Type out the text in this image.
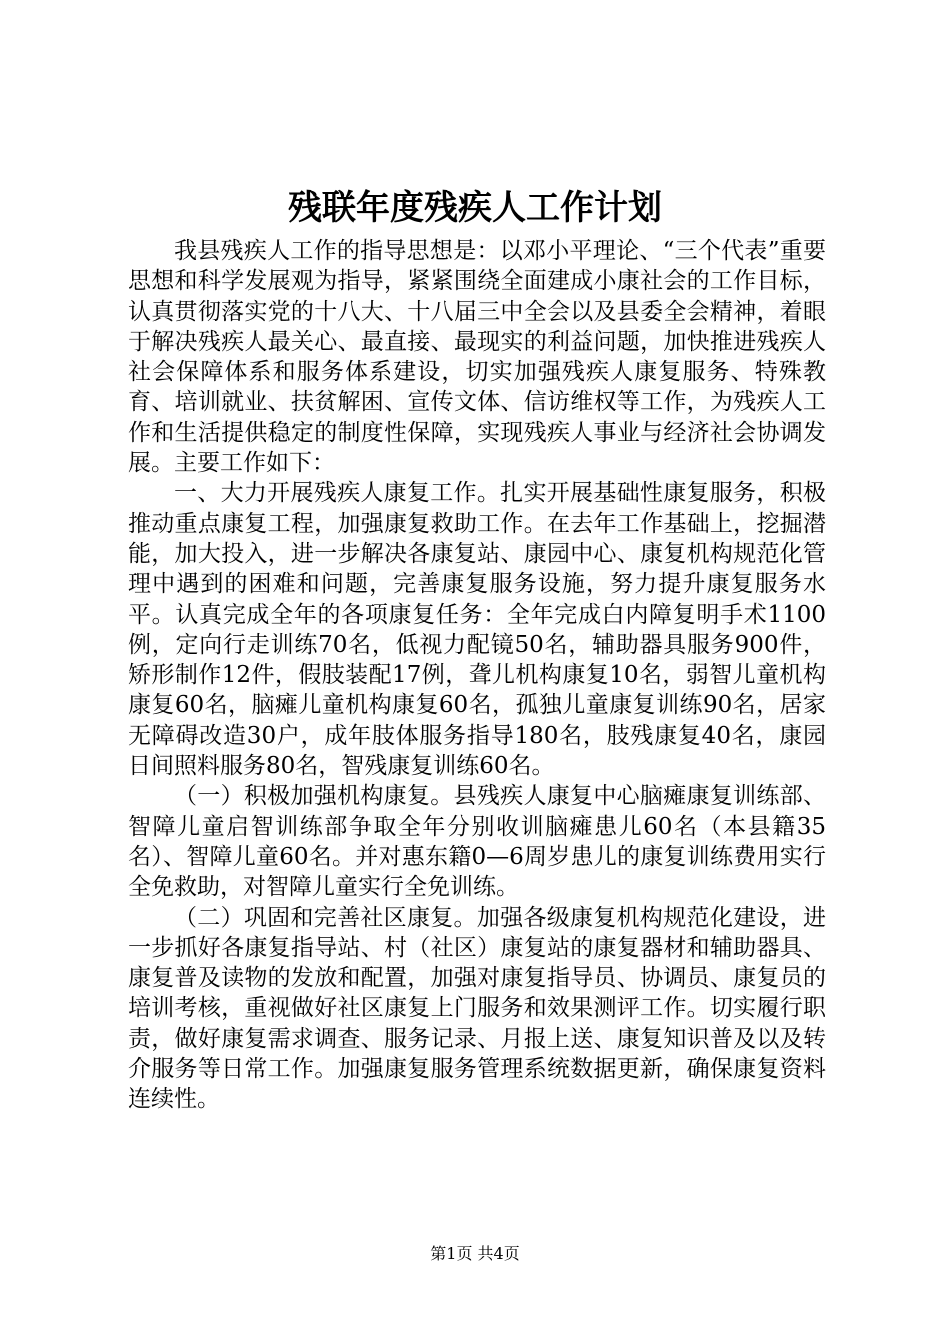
残联年度残疾人工作计划

我县残疾人工作的指导思想是：以邓小平理论、“三个代表”重要思想和科学发展观为指导，紧紧围绕全面建成小康社会的工作目标，认真贯彻落实党的十八大、十八届三中全会以及县委全会精神，着眼于解决残疾人最关心、最直接、最现实的利益问题，加快推进残疾人社会保障体系和服务体系建设，切实加强残疾人康复服务、特殊教育、培训就业、扶贫解困、宣传文体、信访维权等工作，为残疾人工作和生活提供稳定的制度性保障，实现残疾人事业与经济社会协调发展。主要工作如下：

一、大力开展残疾人康复工作。扎实开展基础性康复服务，积极推动重点康复工程，加强康复救助工作。在去年工作基础上，挖掘潜能，加大投入，进一步解决各康复站、康园中心、康复机构规范化管理中遇到的困难和问题，完善康复服务设施，努力提升康复服务水平。认真完成全年的各项康复任务：全年完成白内障复明手术1100例，定向行走训练70名，低视力配镜50名，辅助器具服务900件，矫形制作12件，假肢装配17例，聋儿机构康复10名，弱智儿童机构康复60名，脑瘫儿童机构康复60名，孤独儿童康复训练90名，居家无障碍改造30户，成年肢体服务指导180名，肢残康复40名，康园日间照料服务80名，智残康复训练60名。

（一）积极加强机构康复。县残疾人康复中心脑瘫康复训练部、智障儿童启智训练部争取全年分别收训脑瘫患儿60名（本县籍35名）、智障儿童60名。并对惠东籍0—6周岁患儿的康复训练费用实行全免救助，对智障儿童实行全免训练。

（二）巩固和完善社区康复。加强各级康复机构规范化建设，进一步抓好各康复指导站、村（社区）康复站的康复器材和辅助器具、康复普及读物的发放和配置，加强对康复指导员、协调员、康复员的培训考核，重视做好社区康复上门服务和效果测评工作。切实履行职责，做好康复需求调查、服务记录、月报上送、康复知识普及以及转介服务等日常工作。加强康复服务管理系统数据更新，确保康复资料连续性。

第1页 共4页
